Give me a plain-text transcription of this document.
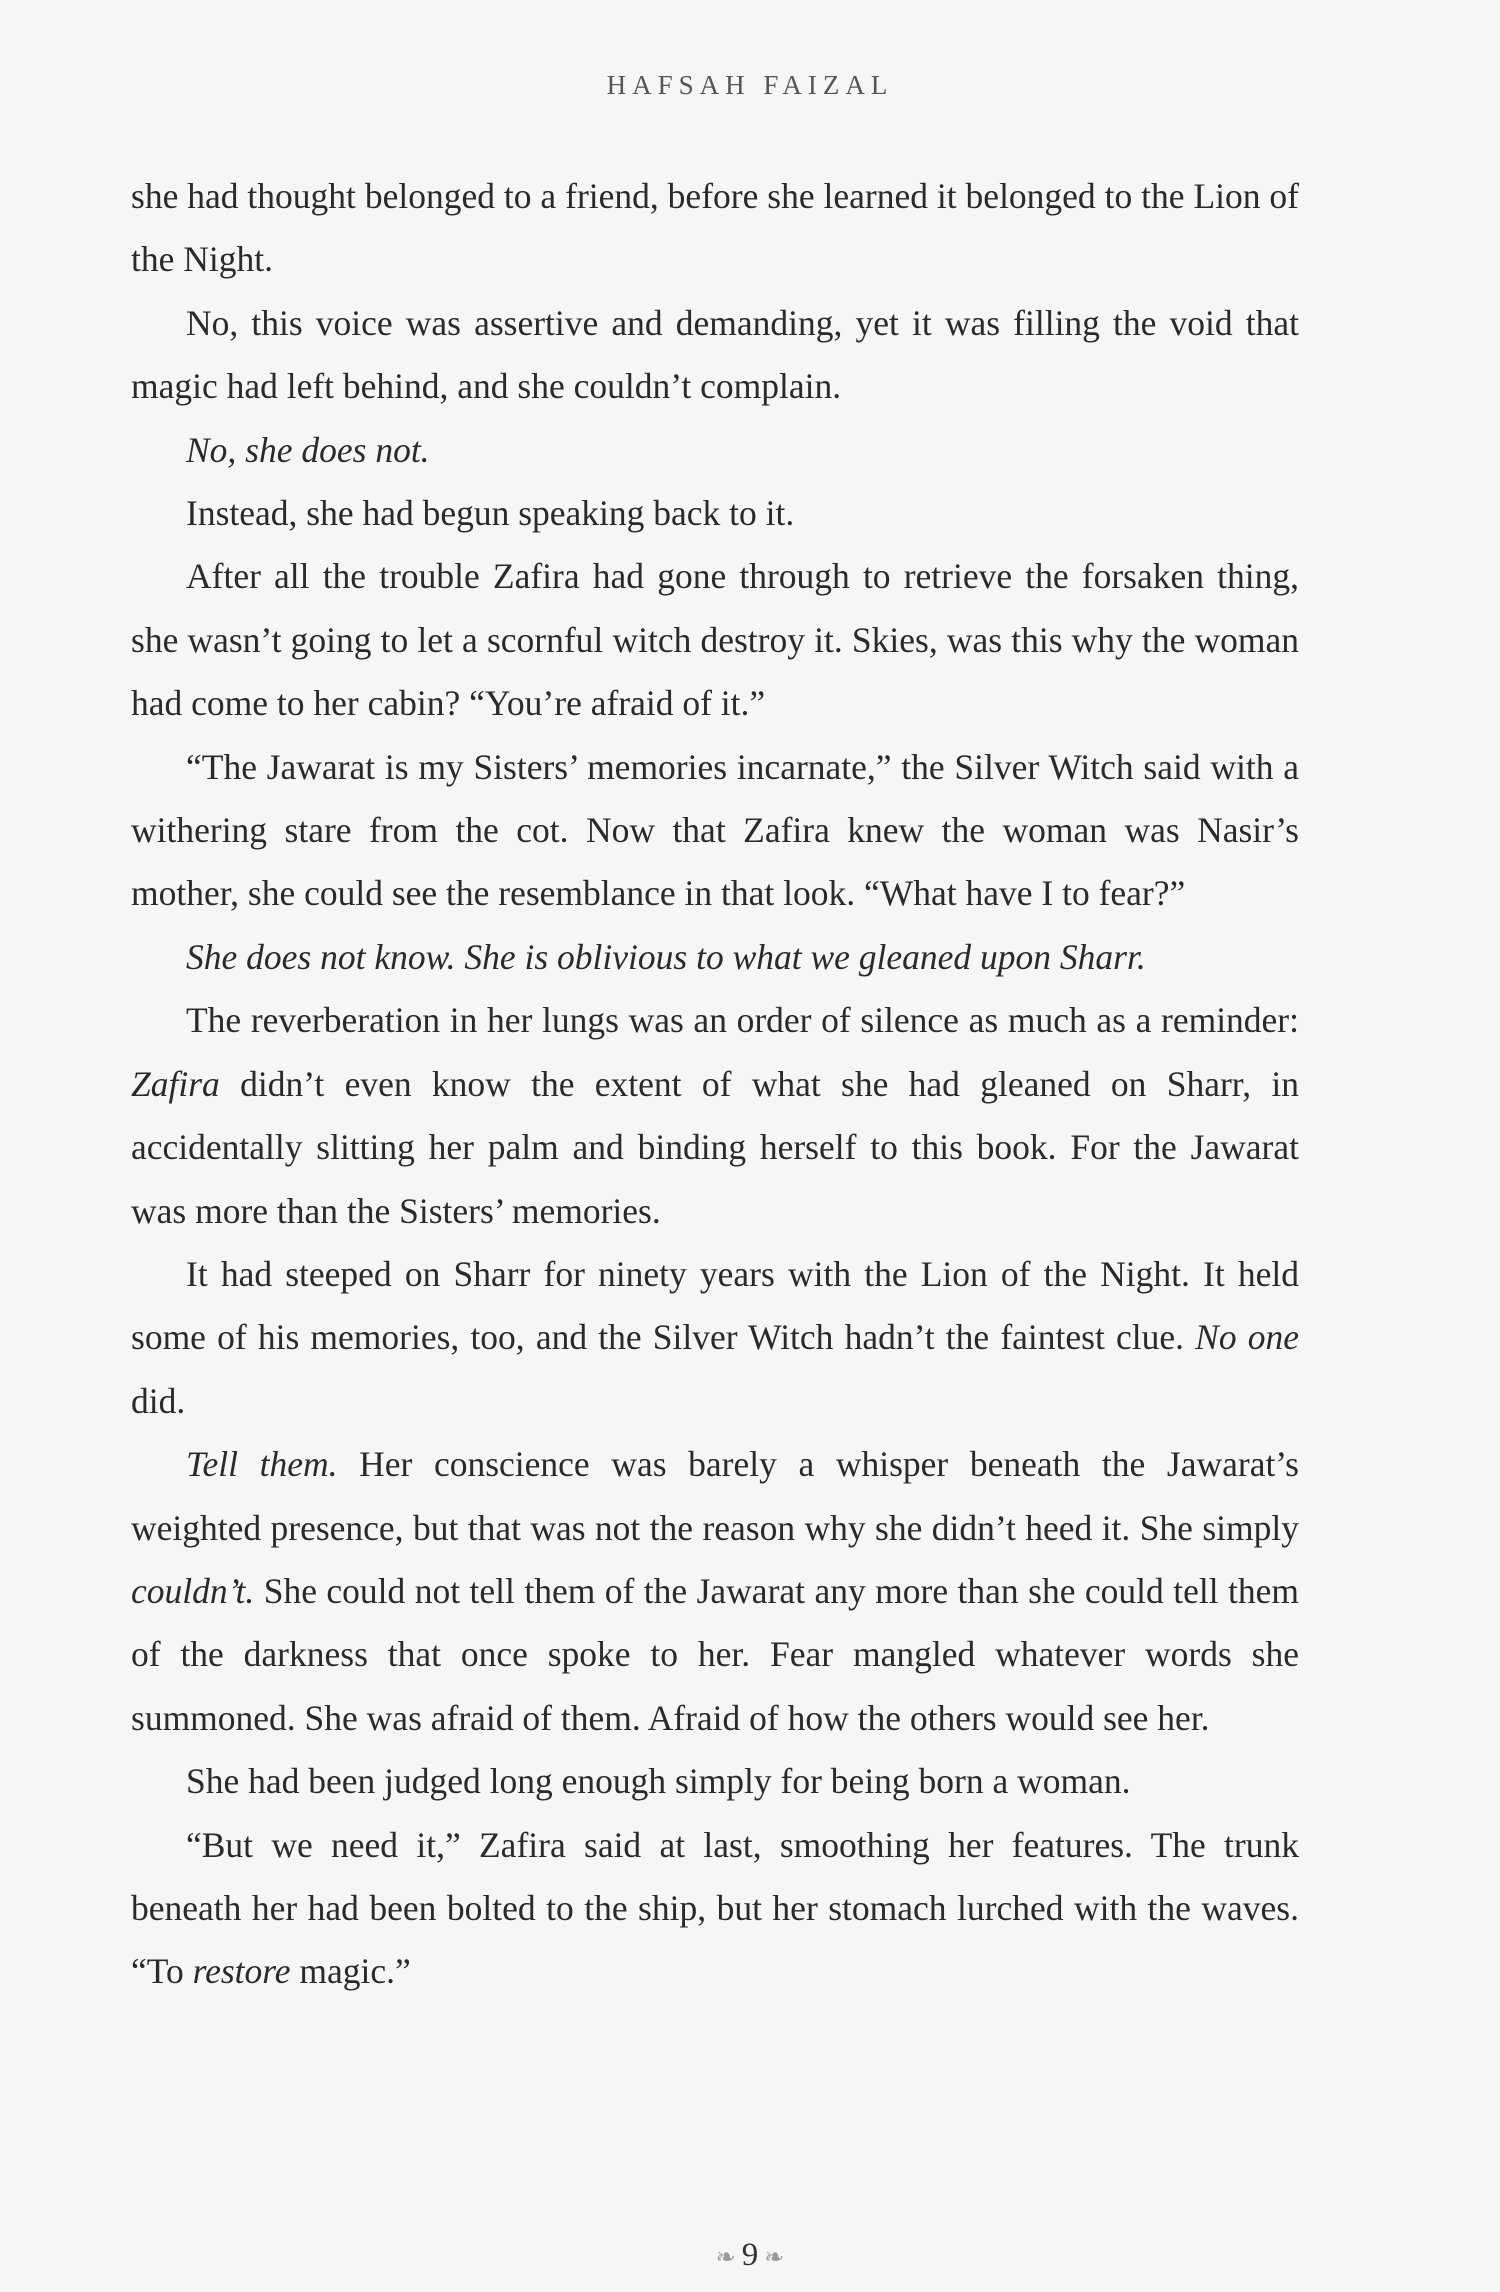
HAFSAH FAIZAL

she had thought belonged to a friend, before she learned it belonged to the Lion of the Night.

No, this voice was assertive and demanding, yet it was filling the void that magic had left behind, and she couldn’t complain.

No, she does not.

Instead, she had begun speaking back to it.

After all the trouble Zafira had gone through to retrieve the forsaken thing, she wasn’t going to let a scornful witch destroy it. Skies, was this why the woman had come to her cabin? “You’re afraid of it.”

“The Jawarat is my Sisters’ memories incarnate,” the Silver Witch said with a withering stare from the cot. Now that Zafira knew the woman was Nasir’s mother, she could see the resemblance in that look. “What have I to fear?”

She does not know. She is oblivious to what we gleaned upon Sharr.

The reverberation in her lungs was an order of silence as much as a reminder: Zafira didn’t even know the extent of what she had gleaned on Sharr, in accidentally slitting her palm and binding herself to this book. For the Jawarat was more than the Sisters’ memories.

It had steeped on Sharr for ninety years with the Lion of the Night. It held some of his memories, too, and the Silver Witch hadn’t the faintest clue. No one did.

Tell them. Her conscience was barely a whisper beneath the Jawarat’s weighted presence, but that was not the reason why she didn’t heed it. She simply couldn’t. She could not tell them of the Jawarat any more than she could tell them of the darkness that once spoke to her. Fear mangled whatever words she summoned. She was afraid of them. Afraid of how the others would see her.

She had been judged long enough simply for being born a woman.

“But we need it,” Zafira said at last, smoothing her features. The trunk beneath her had been bolted to the ship, but her stomach lurched with the waves. “To restore magic.”

❧ 9 ❧
